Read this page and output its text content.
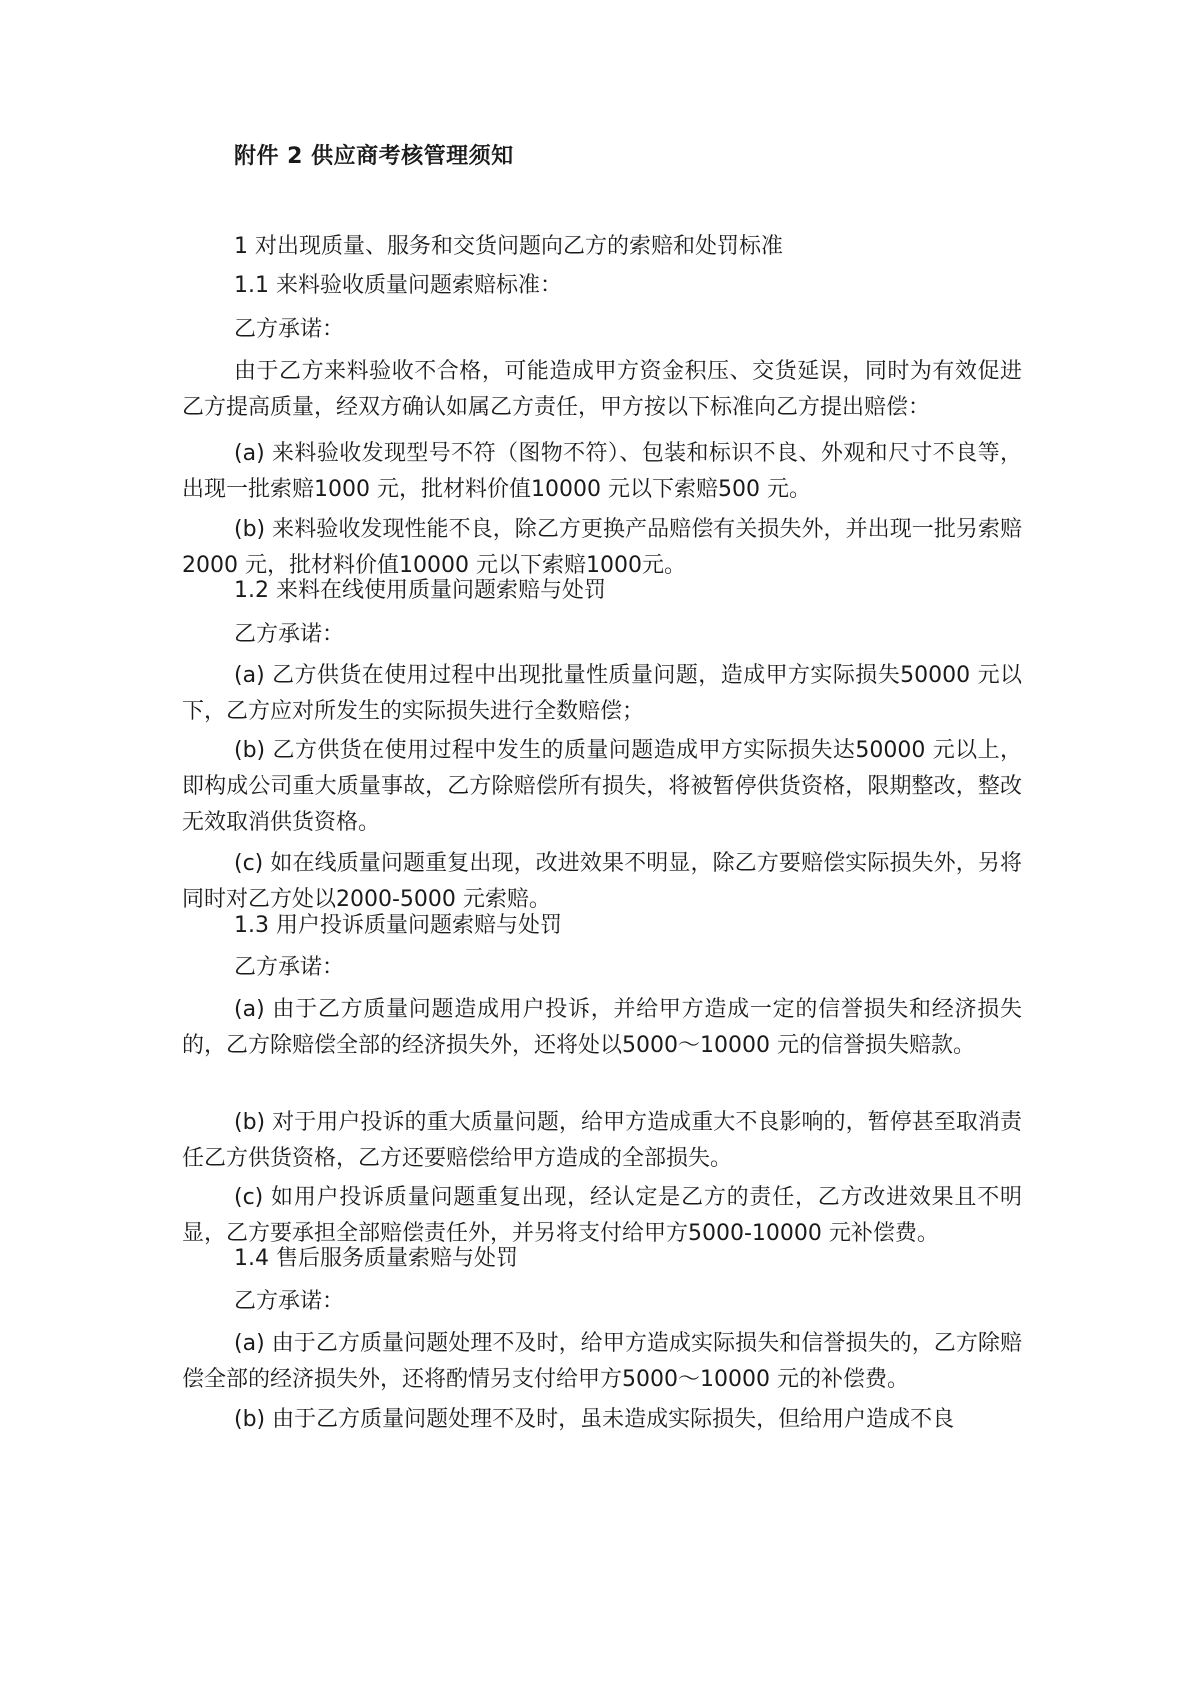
附件 2 供应商考核管理须知
1 对出现质量、服务和交货问题向乙方的索赔和处罚标准
1.1 来料验收质量问题索赔标准：
乙方承诺：
由于乙方来料验收不合格，可能造成甲方资金积压、交货延误，同时为有效促进乙方提高质量，经双方确认如属乙方责任，甲方按以下标准向乙方提出赔偿：
(a) 来料验收发现型号不符（图物不符）、包装和标识不良、外观和尺寸不良等，出现一批索赔1000 元，批材料价值10000 元以下索赔500 元。
(b) 来料验收发现性能不良，除乙方更换产品赔偿有关损失外，并出现一批另索赔2000 元，批材料价值10000 元以下索赔1000元。
1.2 来料在线使用质量问题索赔与处罚
乙方承诺：
(a) 乙方供货在使用过程中出现批量性质量问题，造成甲方实际损失50000 元以下，乙方应对所发生的实际损失进行全数赔偿；
(b) 乙方供货在使用过程中发生的质量问题造成甲方实际损失达50000 元以上，即构成公司重大质量事故，乙方除赔偿所有损失，将被暂停供货资格，限期整改，整改无效取消供货资格。
(c) 如在线质量问题重复出现，改进效果不明显，除乙方要赔偿实际损失外，另将同时对乙方处以2000-5000 元索赔。
1.3 用户投诉质量问题索赔与处罚
乙方承诺：
(a) 由于乙方质量问题造成用户投诉，并给甲方造成一定的信誉损失和经济损失的，乙方除赔偿全部的经济损失外，还将处以5000～10000 元的信誉损失赔款。
(b) 对于用户投诉的重大质量问题，给甲方造成重大不良影响的，暂停甚至取消责任乙方供货资格，乙方还要赔偿给甲方造成的全部损失。
(c) 如用户投诉质量问题重复出现，经认定是乙方的责任，乙方改进效果且不明显，乙方要承担全部赔偿责任外，并另将支付给甲方5000-10000 元补偿费。
1.4 售后服务质量索赔与处罚
乙方承诺：
(a) 由于乙方质量问题处理不及时，给甲方造成实际损失和信誉损失的，乙方除赔偿全部的经济损失外，还将酌情另支付给甲方5000～10000 元的补偿费。
(b) 由于乙方质量问题处理不及时，虽未造成实际损失，但给用户造成不良
